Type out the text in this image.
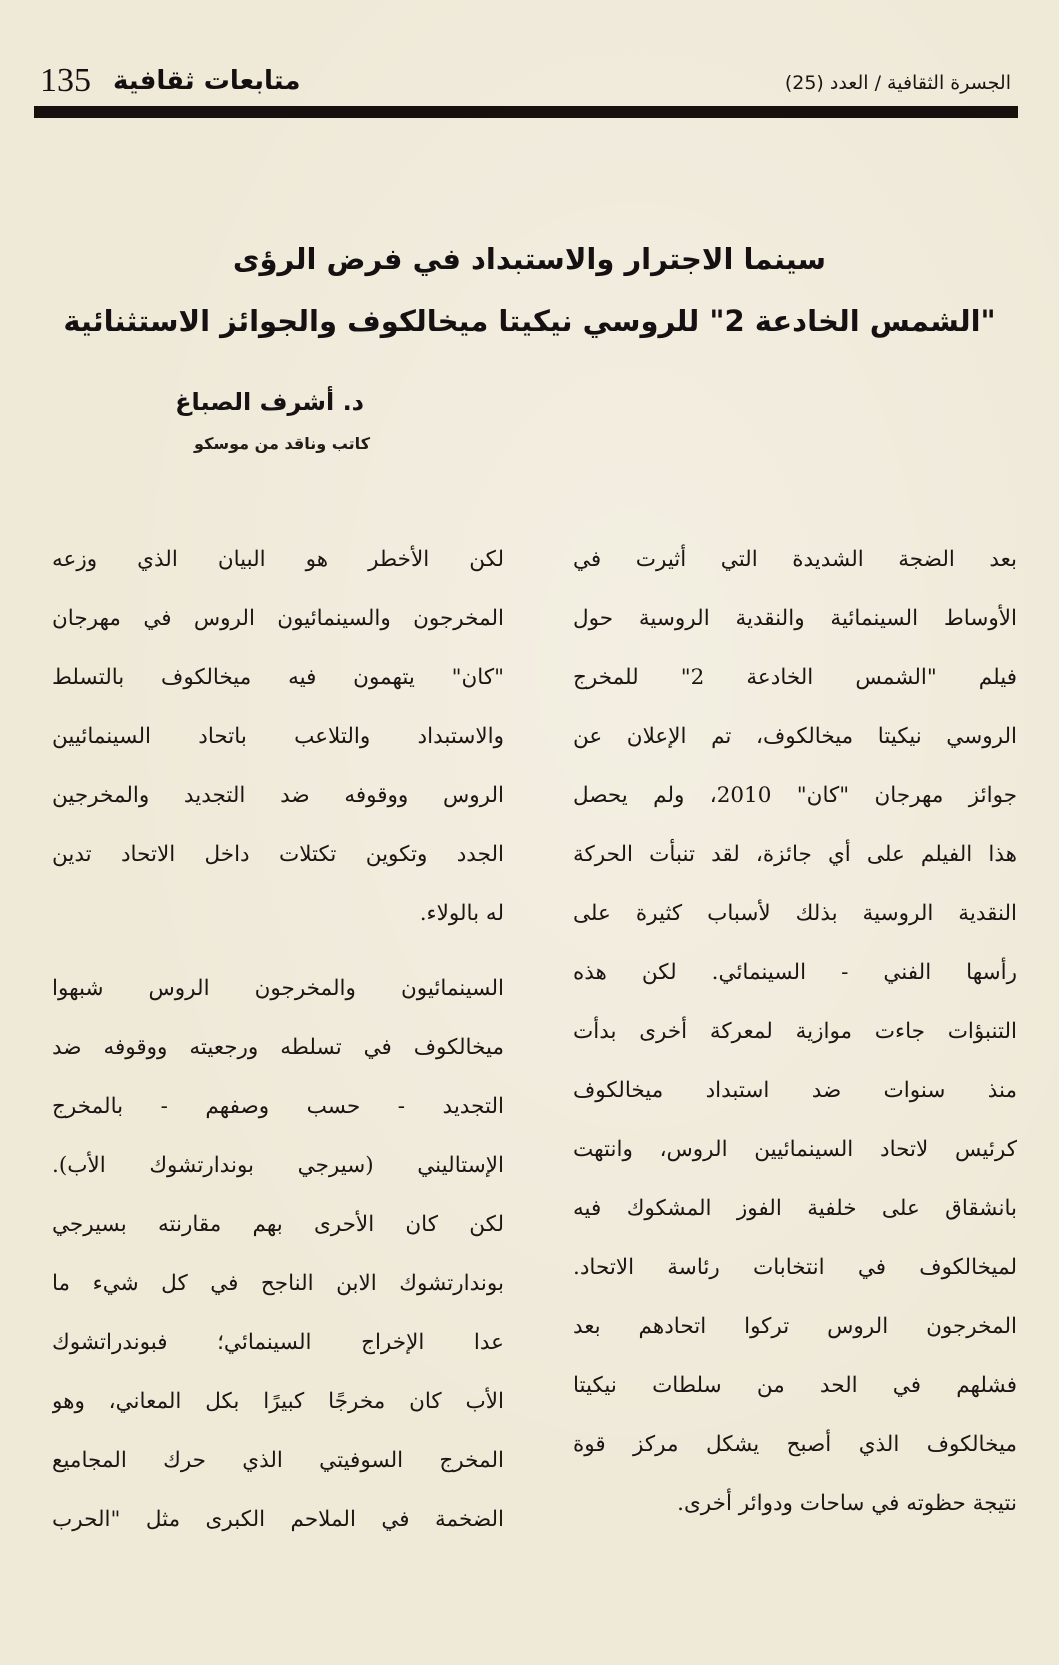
الجسرة الثقافية / العدد (25)
متابعات ثقافية
135
سينما الاجترار والاستبداد في فرض الرؤى
"الشمس الخادعة 2" للروسي نيكيتا ميخالكوف والجوائز الاستثنائية
د. أشرف الصباغ
كاتب وناقد من موسكو
بعد الضجة الشديدة التي أثيرت في
الأوساط السينمائية والنقدية الروسية حول
فيلم "الشمس الخادعة 2" للمخرج
الروسي نيكيتا ميخالكوف، تم الإعلان عن
جوائز مهرجان "كان" 2010، ولم يحصل
هذا الفيلم على أي جائزة، لقد تنبأت الحركة
النقدية الروسية بذلك لأسباب كثيرة على
رأسها الفني - السينمائي. لكن هذه
التنبؤات جاءت موازية لمعركة أخرى بدأت
منذ سنوات ضد استبداد ميخالكوف
كرئيس لاتحاد السينمائيين الروس، وانتهت
بانشقاق على خلفية الفوز المشكوك فيه
لميخالكوف في انتخابات رئاسة الاتحاد.
المخرجون الروس تركوا اتحادهم بعد
فشلهم في الحد من سلطات نيكيتا
ميخالكوف الذي أصبح يشكل مركز قوة
نتيجة حظوته في ساحات ودوائر أخرى.
لكن الأخطر هو البيان الذي وزعه
المخرجون والسينمائيون الروس في مهرجان
"كان" يتهمون فيه ميخالكوف بالتسلط
والاستبداد والتلاعب باتحاد السينمائيين
الروس ووقوفه ضد التجديد والمخرجين
الجدد وتكوين تكتلات داخل الاتحاد تدين
له بالولاء.
السينمائيون والمخرجون الروس شبهوا
ميخالكوف في تسلطه ورجعيته ووقوفه ضد
التجديد - حسب وصفهم - بالمخرج
الإستاليني (سيرجي بوندارتشوك الأب).
لكن كان الأحرى بهم مقارنته بسيرجي
بوندارتشوك الابن الناجح في كل شيء ما
عدا الإخراج السينمائي؛ فبوندراتشوك
الأب كان مخرجًا كبيرًا بكل المعاني، وهو
المخرج السوفيتي الذي حرك المجاميع
الضخمة في الملاحم الكبرى مثل "الحرب
